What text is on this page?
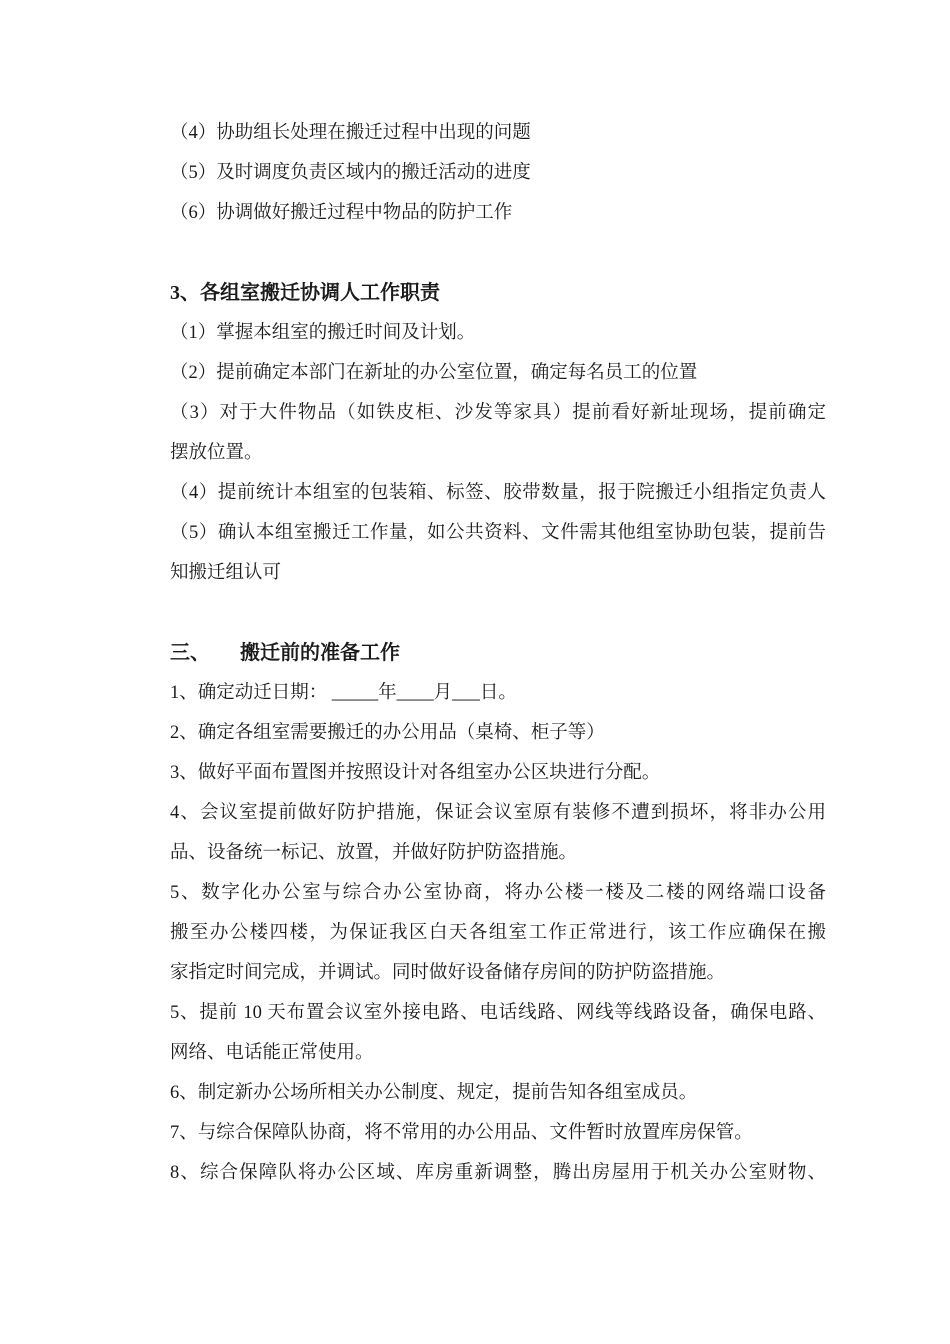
（4）协助组长处理在搬迁过程中出现的问题
（5）及时调度负责区域内的搬迁活动的进度
（6）协调做好搬迁过程中物品的防护工作
3、各组室搬迁协调人工作职责
（1）掌握本组室的搬迁时间及计划。
（2）提前确定本部门在新址的办公室位置，确定每名员工的位置
（3）对于大件物品（如铁皮柜、沙发等家具）提前看好新址现场，提前确定
摆放位置。
（4）提前统计本组室的包装箱、标签、胶带数量，报于院搬迁小组指定负责人
（5）确认本组室搬迁工作量，如公共资料、文件需其他组室协助包装，提前告
知搬迁组认可
三、 搬迁前的准备工作
1、确定动迁日期： _____年____月___日。
2、确定各组室需要搬迁的办公用品（桌椅、柜子等）
3、做好平面布置图并按照设计对各组室办公区块进行分配。
4、会议室提前做好防护措施，保证会议室原有装修不遭到损坏，将非办公用
品、设备统一标记、放置，并做好防护防盗措施。
5、数字化办公室与综合办公室协商，将办公楼一楼及二楼的网络端口设备
搬至办公楼四楼，为保证我区白天各组室工作正常进行，该工作应确保在搬
家指定时间完成，并调试。同时做好设备储存房间的防护防盗措施。
5、提前 10 天布置会议室外接电路、电话线路、网线等线路设备，确保电路、
网络、电话能正常使用。
6、制定新办公场所相关办公制度、规定，提前告知各组室成员。
7、与综合保障队协商，将不常用的办公用品、文件暂时放置库房保管。
8、综合保障队将办公区域、库房重新调整，腾出房屋用于机关办公室财物、
